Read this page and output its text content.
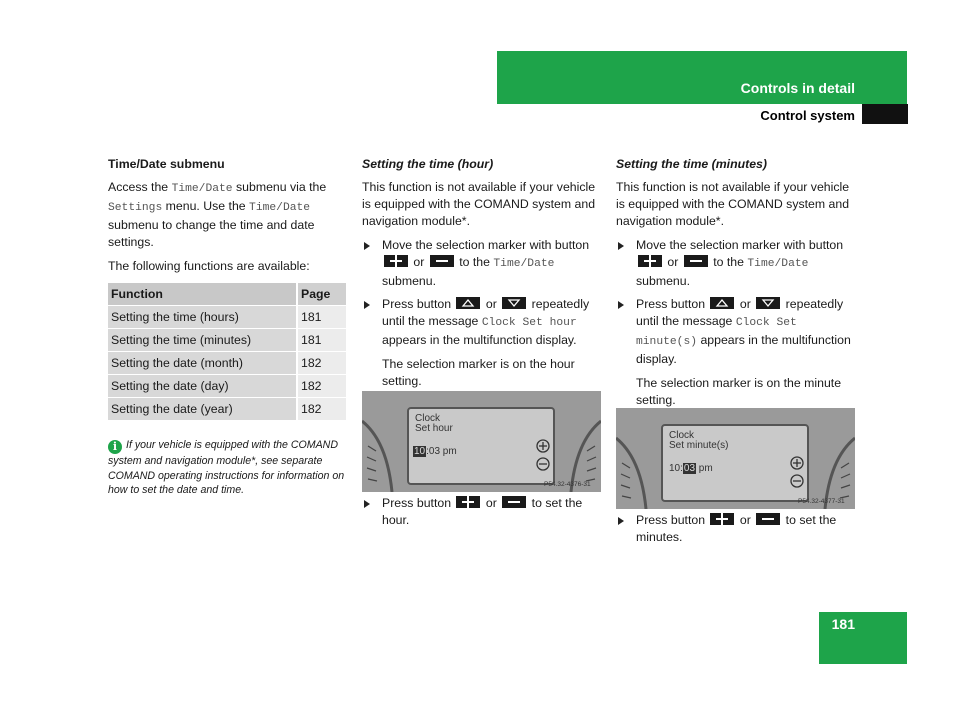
Controls in detail
Control system

Time/Date submenu

Access the Time/Date submenu via the Settings menu. Use the Time/Date submenu to change the time and date settings.

The following functions are available:

Function	Page
Setting the time (hours)	181
Setting the time (minutes)	181
Setting the date (month)	182
Setting the date (day)	182
Setting the date (year)	182

i If your vehicle is equipped with the COMAND system and navigation module*, see separate COMAND operating instructions for information on how to set the date and time.

Setting the time (hour)

This function is not available if your vehicle is equipped with the COMAND system and navigation module*.

Move the selection marker with button  or	to the Time/Date submenu.

Press button	or	repeatedly until the message Clock Set hour appears in the multifunction display.

The selection marker is on the hour setting.

Clock
Set hour
10:03 pm
P54.32-4376-31

Press button	or	to set the hour.

Setting the time (minutes)

This function is not available if your vehicle is equipped with the COMAND system and navigation module*.

Move the selection marker with button  or	to the Time/Date submenu.

Press button	or	repeatedly until the message Clock Set minute(s) appears in the multifunction display.

The selection marker is on the minute setting.

Clock
Set minute(s)
10:03 pm
P54.32-4377-31

Press button	or	to set the minutes.

181
